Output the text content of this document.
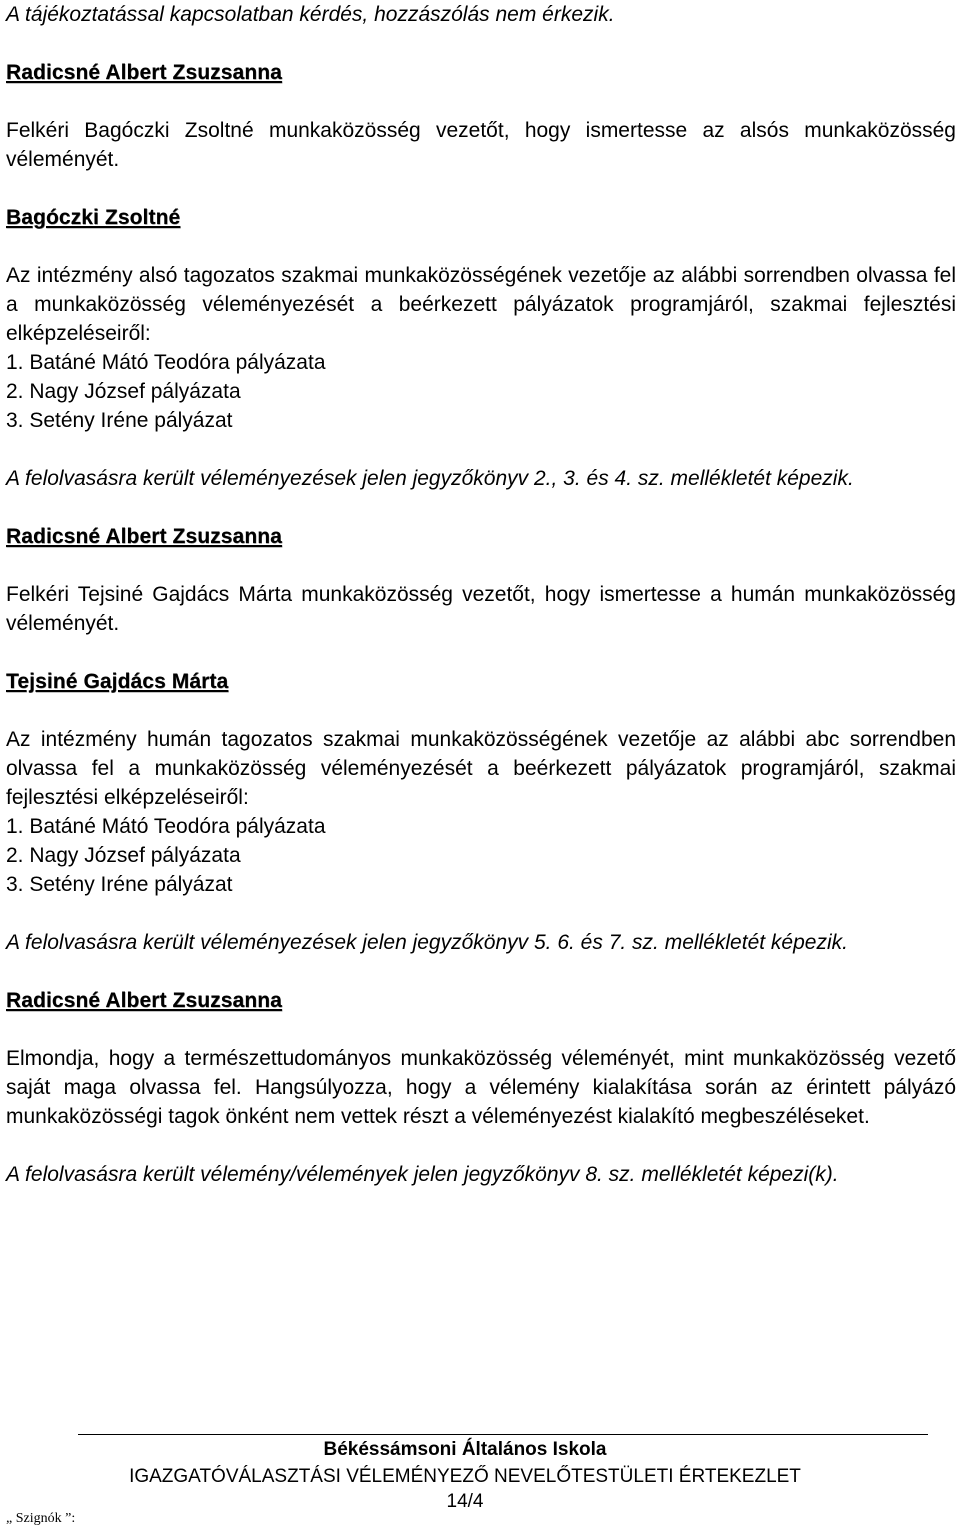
A tájékoztatással kapcsolatban kérdés, hozzászólás nem érkezik.

Radicsné Albert Zsuzsanna

Felkéri Bagóczki Zsoltné munkaközösség vezetőt, hogy ismertesse az alsós munkaközösség véleményét.

Bagóczki Zsoltné

Az intézmény alsó tagozatos szakmai munkaközösségének vezetője az alábbi sorrendben olvassa fel a munkaközösség véleményezését a beérkezett pályázatok programjáról, szakmai fejlesztési elképzeléseiről:

1. Batáné Mátó Teodóra pályázata
2. Nagy József pályázata
3. Setény Iréne pályázat

A felolvasásra került véleményezések jelen jegyzőkönyv 2., 3. és 4. sz. mellékletét képezik.

Radicsné Albert Zsuzsanna

Felkéri Tejsiné Gajdács Márta munkaközösség vezetőt, hogy ismertesse a humán munkaközösség véleményét.

Tejsiné Gajdács Márta

Az intézmény humán tagozatos szakmai munkaközösségének vezetője az alábbi abc sorrendben olvassa fel a munkaközösség véleményezését a beérkezett pályázatok programjáról, szakmai fejlesztési elképzeléseiről:

1. Batáné Mátó Teodóra pályázata
2. Nagy József pályázata
3. Setény Iréne pályázat

A felolvasásra került véleményezések jelen jegyzőkönyv 5. 6. és 7. sz. mellékletét képezik.

Radicsné Albert Zsuzsanna

Elmondja, hogy a természettudományos munkaközösség véleményét, mint munkaközösség vezető saját maga olvassa fel. Hangsúlyozza, hogy a vélemény kialakítása során az érintett pályázó munkaközösségi tagok önként nem vettek részt a véleményezést kialakító megbeszéléseket.

A felolvasásra került vélemény/vélemények jelen jegyzőkönyv 8. sz. mellékletét képezi(k).

Békéssámsoni Általános Iskola
IGAZGATÓVÁLASZTÁSI VÉLEMÉNYEZŐ NEVELŐTESTÜLETI ÉRTEKEZLET
14/4
„ Szignók ”:
